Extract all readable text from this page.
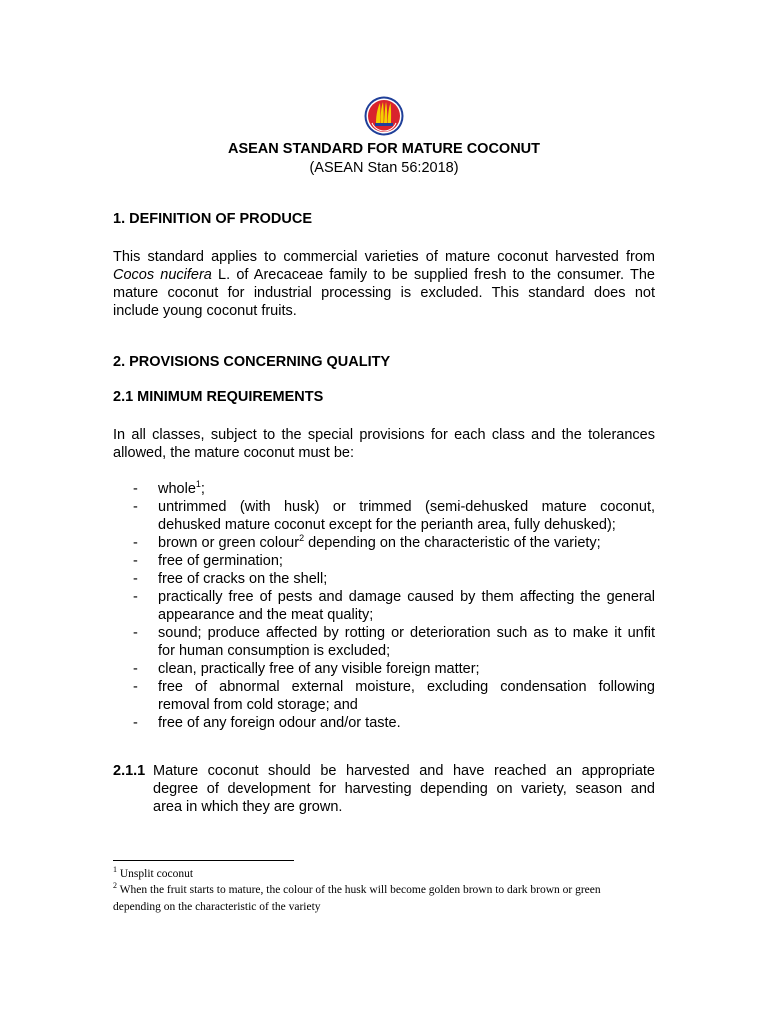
ASEAN STANDARD FOR MATURE COCONUT
(ASEAN Stan 56:2018)
1. DEFINITION OF PRODUCE
This standard applies to commercial varieties of mature coconut harvested from
Cocos nucifera L. of Arecaceae family to be supplied fresh to the consumer. The
mature coconut for industrial processing is excluded. This standard does not
include young coconut fruits.
2. PROVISIONS CONCERNING QUALITY
2.1 MINIMUM REQUIREMENTS
In all classes, subject to the special provisions for each class and the tolerances
allowed, the mature coconut must be:
- whole$^1$;
- untrimmed (with husk) or trimmed (semi-dehusked mature coconut,
dehusked mature coconut except for the perianth area, fully dehusked);
- brown or green colour$^2$ depending on the characteristic of the variety;
- free of germination;
- free of cracks on the shell;
- practically free of pests and damage caused by them affecting the general
appearance and the meat quality;
- sound; produce affected by rotting or deterioration such as to make it unfit
for human consumption is excluded;
- clean, practically free of any visible foreign matter;
- free of abnormal external moisture, excluding condensation following
removal from cold storage; and
- free of any foreign odour and/or taste.
2.1.1 Mature coconut should be harvested and have reached an appropriate
degree of development for harvesting depending on variety, season and
area in which they are grown.
$^1$ Unsplit coconut
$^2$ When the fruit starts to mature, the colour of the husk will become golden brown to dark brown or green
depending on the characteristic of the variety
